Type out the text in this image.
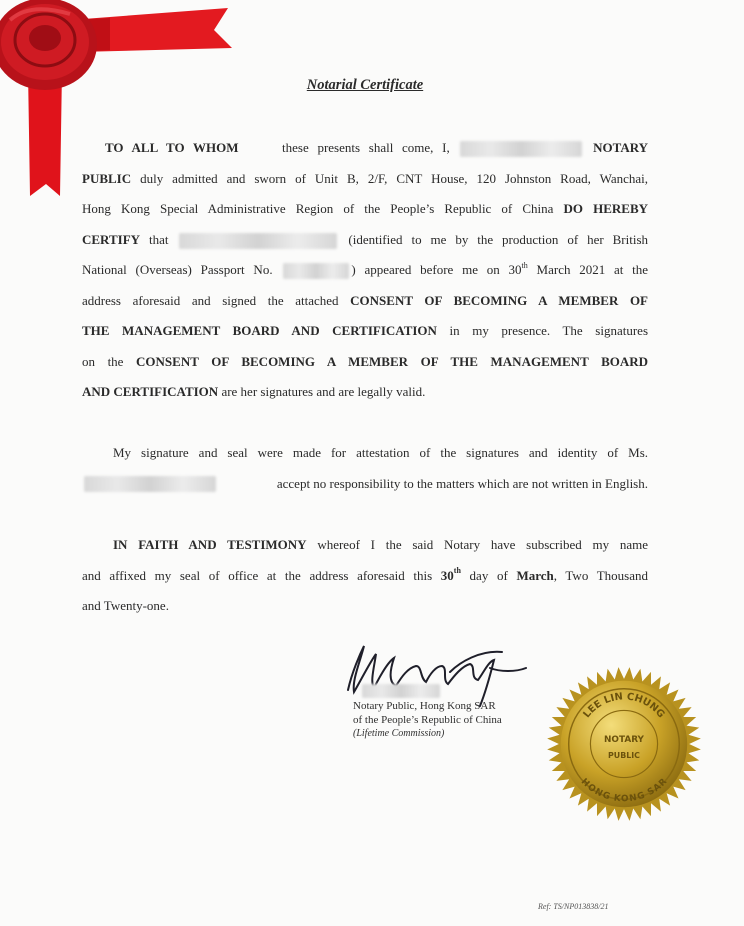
Notarial Certificate
TO ALL TO WHOM	these presents shall come, I,	NOTARY
PUBLIC duly admitted and sworn of Unit B, 2/F, CNT House, 120 Johnston Road, Wanchai,
Hong Kong Special Administrative Region of the People’s Republic of China DO HEREBY
CERTIFY that	(identified to me by the production of her British
National (Overseas) Passport No.	) appeared before me on 30th March 2021 at the
address aforesaid and signed the attached CONSENT OF BECOMING A MEMBER OF
THE MANAGEMENT BOARD AND CERTIFICATION in my presence. The signatures
on the CONSENT OF BECOMING A MEMBER OF THE MANAGEMENT BOARD
AND CERTIFICATION are her signatures and are legally valid.
My signature and seal were made for attestation of the signatures and identity of Ms.
accept no responsibility to the matters which are not written in English.
IN FAITH AND TESTIMONY whereof I the said Notary have subscribed my name
and affixed my seal of office at the address aforesaid this 30th day of March, Two Thousand
and Twenty-one.
Notary Public, Hong Kong SAR
of the People’s Republic of China
(Lifetime Commission)
LEE LIN CHUNG
HONG KONG SAR
NOTARY
PUBLIC
Ref: TS/NP013838/21
